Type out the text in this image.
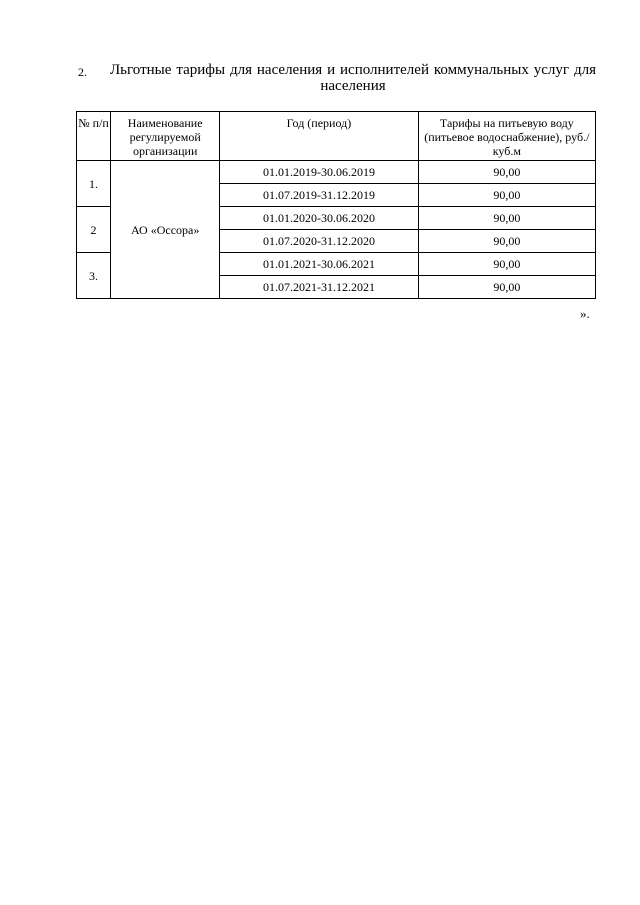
2. Льготные тарифы для населения и исполнителей коммунальных услуг для
населения
№ п/п	Наименование регулируемой организации	Год (период)	Тарифы на питьевую воду (питьевое водоснабжение), руб./куб.м
1.	АО «Оссора»	01.01.2019-30.06.2019	90,00
		01.07.2019-31.12.2019	90,00
2		01.01.2020-30.06.2020	90,00
		01.07.2020-31.12.2020	90,00
3.		01.01.2021-30.06.2021	90,00
		01.07.2021-31.12.2021	90,00
».
